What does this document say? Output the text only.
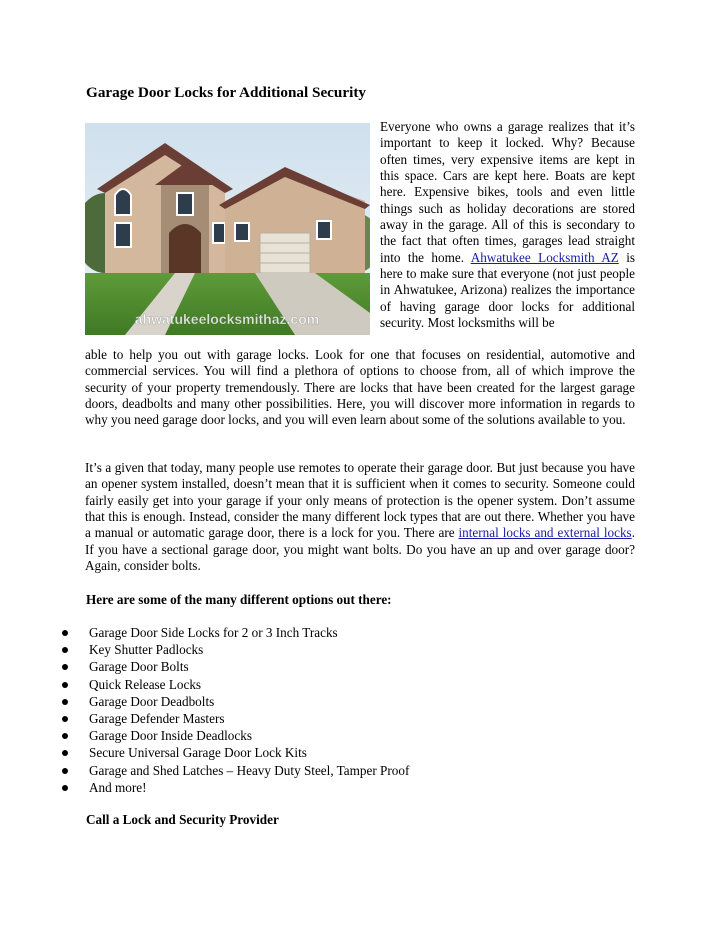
Garage Door Locks for Additional Security
ahwatukeelocksmithaz.com

Everyone who owns a garage realizes that it’s important to keep it locked. Why? Because often times, very expensive items are kept in this space. Cars are kept here. Boats are kept here. Expensive bikes, tools and even little things such as holiday decorations are stored away in the garage. All of this is secondary to the fact that often times, garages lead straight into the home. Ahwatukee Locksmith AZ is here to make sure that everyone (not just people in Ahwatukee, Arizona) realizes the importance of having garage door locks for additional security. Most locksmiths will be

able to help you out with garage locks. Look for one that focuses on residential, automotive and commercial services. You will find a plethora of options to choose from, all of which improve the security of your property tremendously. There are locks that have been created for the largest garage doors, deadbolts and many other possibilities. Here, you will discover more information in regards to why you need garage door locks, and you will even learn about some of the solutions available to you.

It’s a given that today, many people use remotes to operate their garage door. But just because you have an opener system installed, doesn’t mean that it is sufficient when it comes to security. Someone could fairly easily get into your garage if your only means of protection is the opener system. Don’t assume that this is enough. Instead, consider the many different lock types that are out there. Whether you have a manual or automatic garage door, there is a lock for you. There are internal locks and external locks. If you have a sectional garage door, you might want bolts. Do you have an up and over garage door? Again, consider bolts.

Here are some of the many different options out there:

Garage Door Side Locks for 2 or 3 Inch Tracks
Key Shutter Padlocks
Garage Door Bolts
Quick Release Locks
Garage Door Deadbolts
Garage Defender Masters
Garage Door Inside Deadlocks
Secure Universal Garage Door Lock Kits
Garage and Shed Latches – Heavy Duty Steel, Tamper Proof
And more!

Call a Lock and Security Provider
